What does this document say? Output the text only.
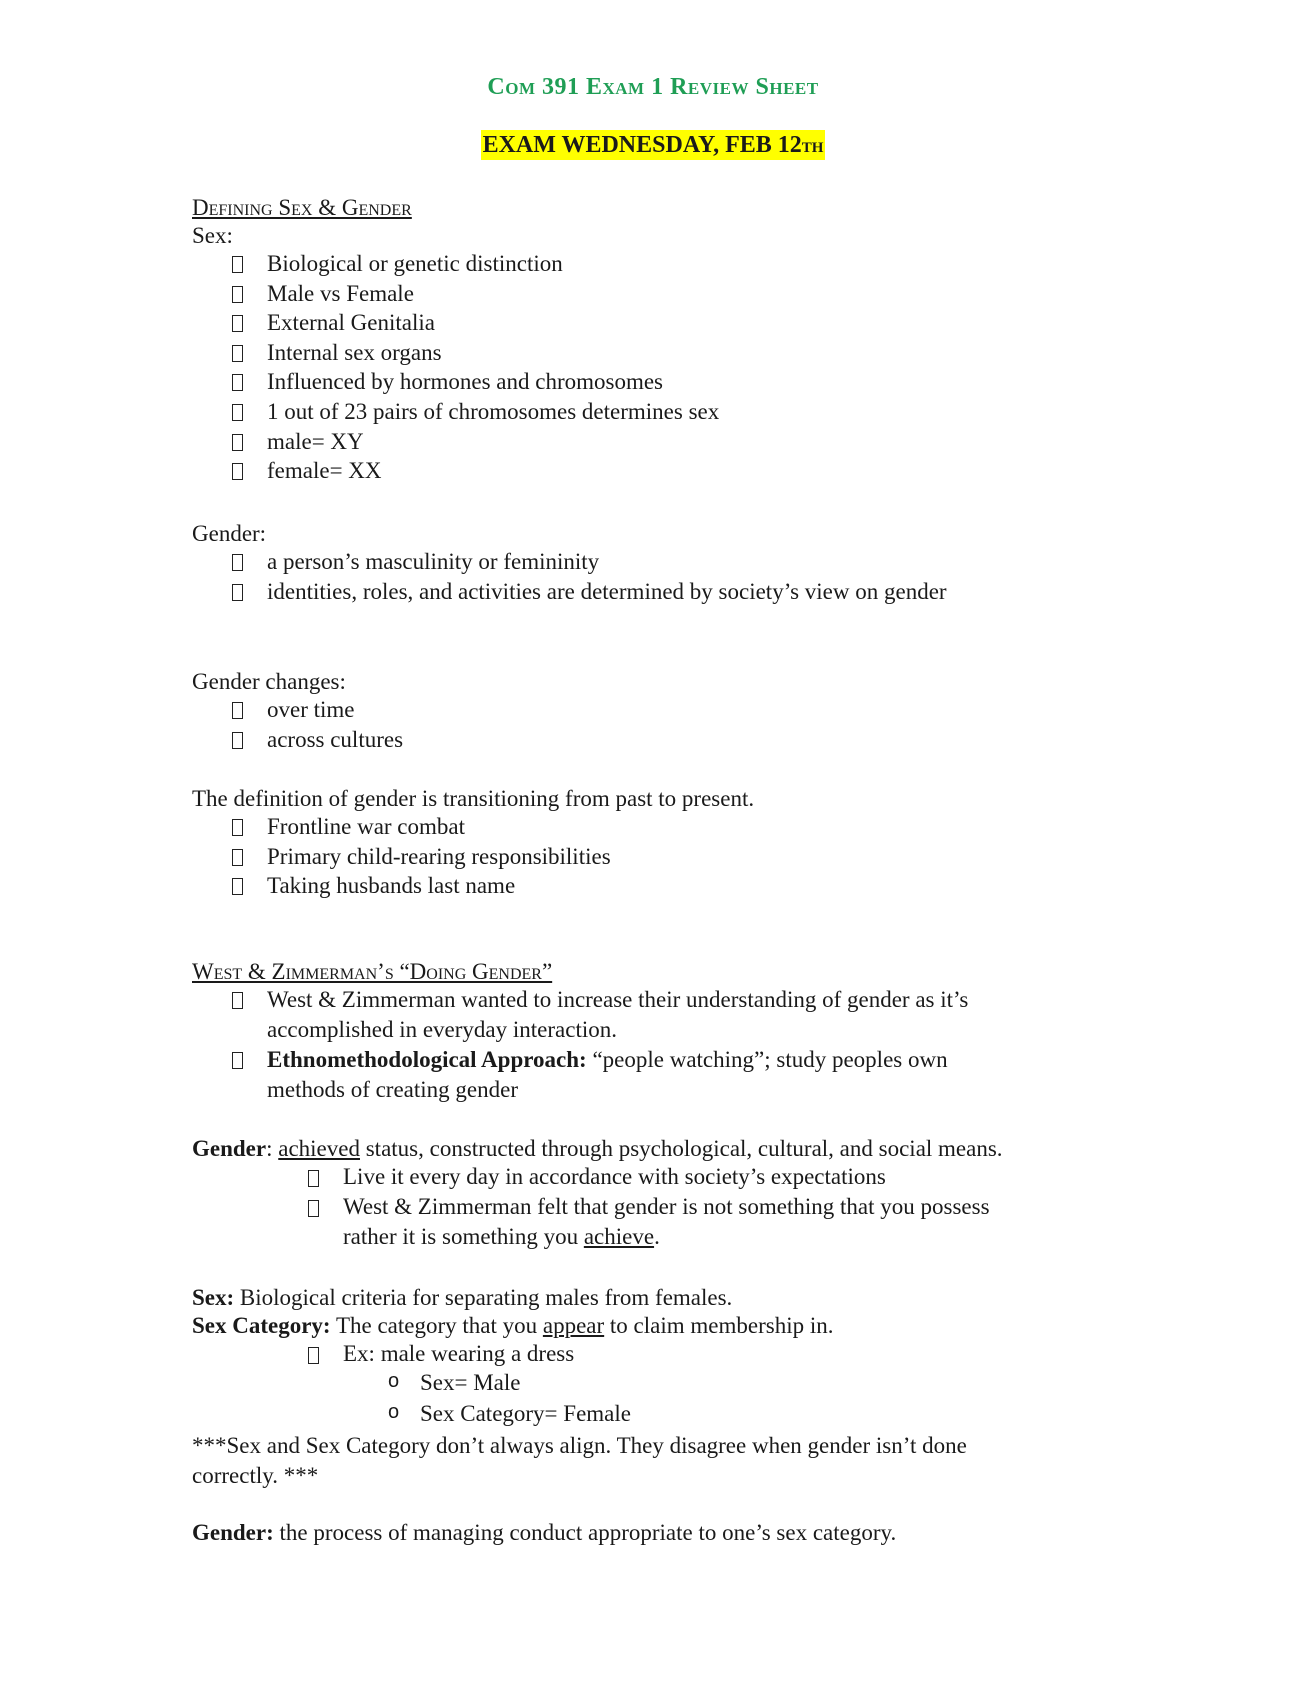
Com 391 Exam 1 Review Sheet
EXAM WEDNESDAY, FEB 12th
Defining Sex & Gender
Sex:
Biological or genetic distinction
Male vs Female
External Genitalia
Internal sex organs
Influenced by hormones and chromosomes
1 out of 23 pairs of chromosomes determines sex
male= XY
female= XX
Gender:
a person’s masculinity or femininity
identities, roles, and activities are determined by society’s view on gender
Gender changes:
over time
across cultures
The definition of gender is transitioning from past to present.
Frontline war combat
Primary child-rearing responsibilities
Taking husbands last name
West & Zimmerman’s “Doing Gender”
West & Zimmerman wanted to increase their understanding of gender as it’s
accomplished in everyday interaction.
Ethnomethodological Approach: “people watching”; study peoples own
methods of creating gender
Gender: achieved status, constructed through psychological, cultural, and social means.
Live it every day in accordance with society’s expectations
West & Zimmerman felt that gender is not something that you possess
rather it is something you achieve.
Sex: Biological criteria for separating males from females.
Sex Category: The category that you appear to claim membership in.
Ex: male wearing a dress
o Sex= Male
o Sex Category= Female
***Sex and Sex Category don’t always align. They disagree when gender isn’t done
correctly. ***
Gender: the process of managing conduct appropriate to one’s sex category.
